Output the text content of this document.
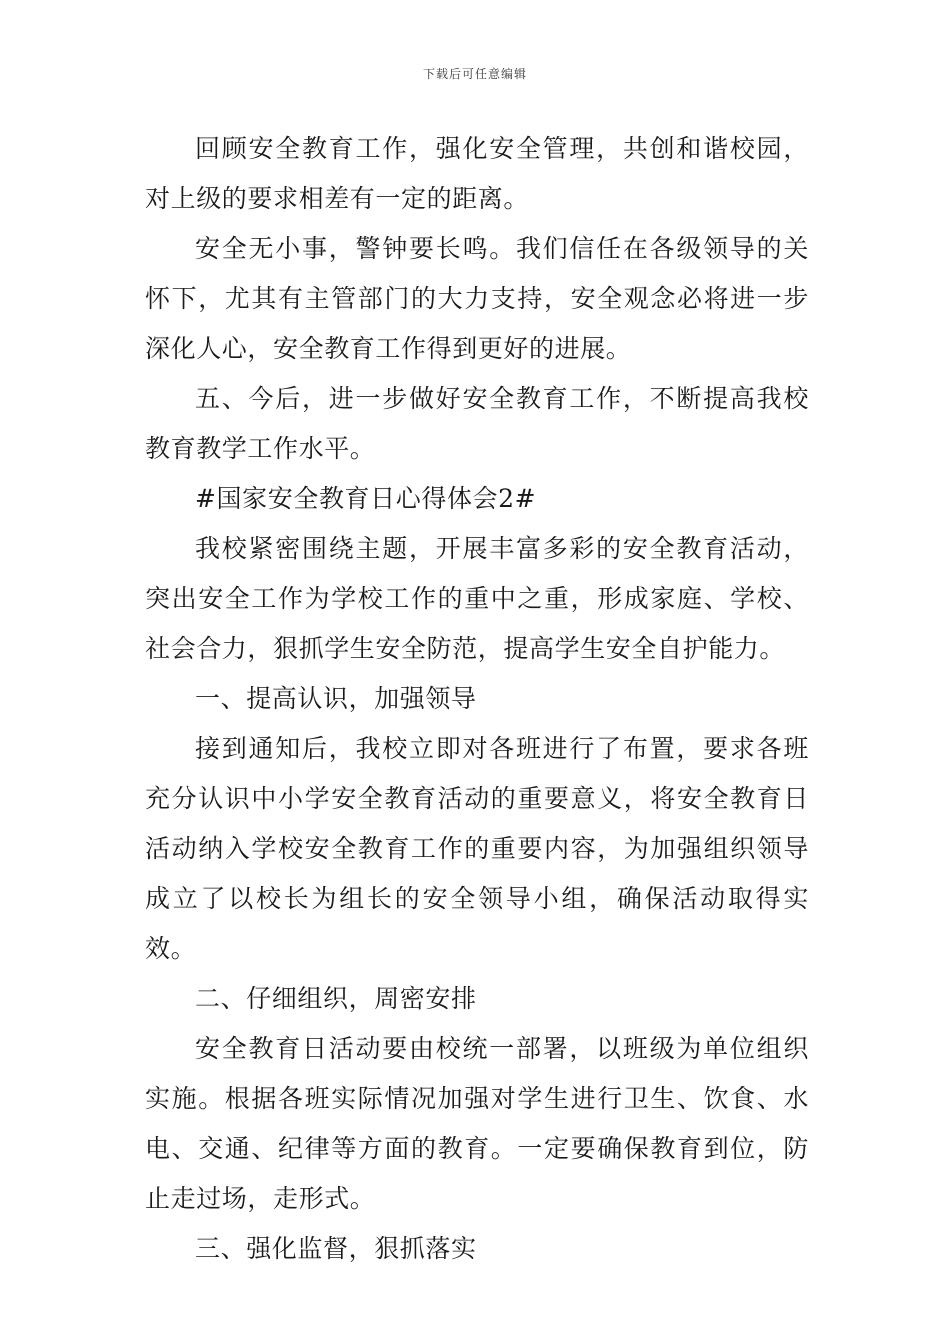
下载后可任意编辑

回顾安全教育工作，强化安全管理，共创和谐校园，对上级的要求相差有一定的距离。

安全无小事，警钟要长鸣。我们信任在各级领导的关怀下，尤其有主管部门的大力支持，安全观念必将进一步深化人心，安全教育工作得到更好的进展。

五、今后，进一步做好安全教育工作，不断提高我校教育教学工作水平。

#国家安全教育日心得体会2#

我校紧密围绕主题，开展丰富多彩的安全教育活动，突出安全工作为学校工作的重中之重，形成家庭、学校、社会合力，狠抓学生安全防范，提高学生安全自护能力。

一、提高认识，加强领导

接到通知后，我校立即对各班进行了布置，要求各班充分认识中小学安全教育活动的重要意义，将安全教育日活动纳入学校安全教育工作的重要内容，为加强组织领导成立了以校长为组长的安全领导小组，确保活动取得实效。

二、仔细组织，周密安排

安全教育日活动要由校统一部署，以班级为单位组织实施。根据各班实际情况加强对学生进行卫生、饮食、水电、交通、纪律等方面的教育。一定要确保教育到位，防止走过场，走形式。

三、强化监督，狠抓落实
